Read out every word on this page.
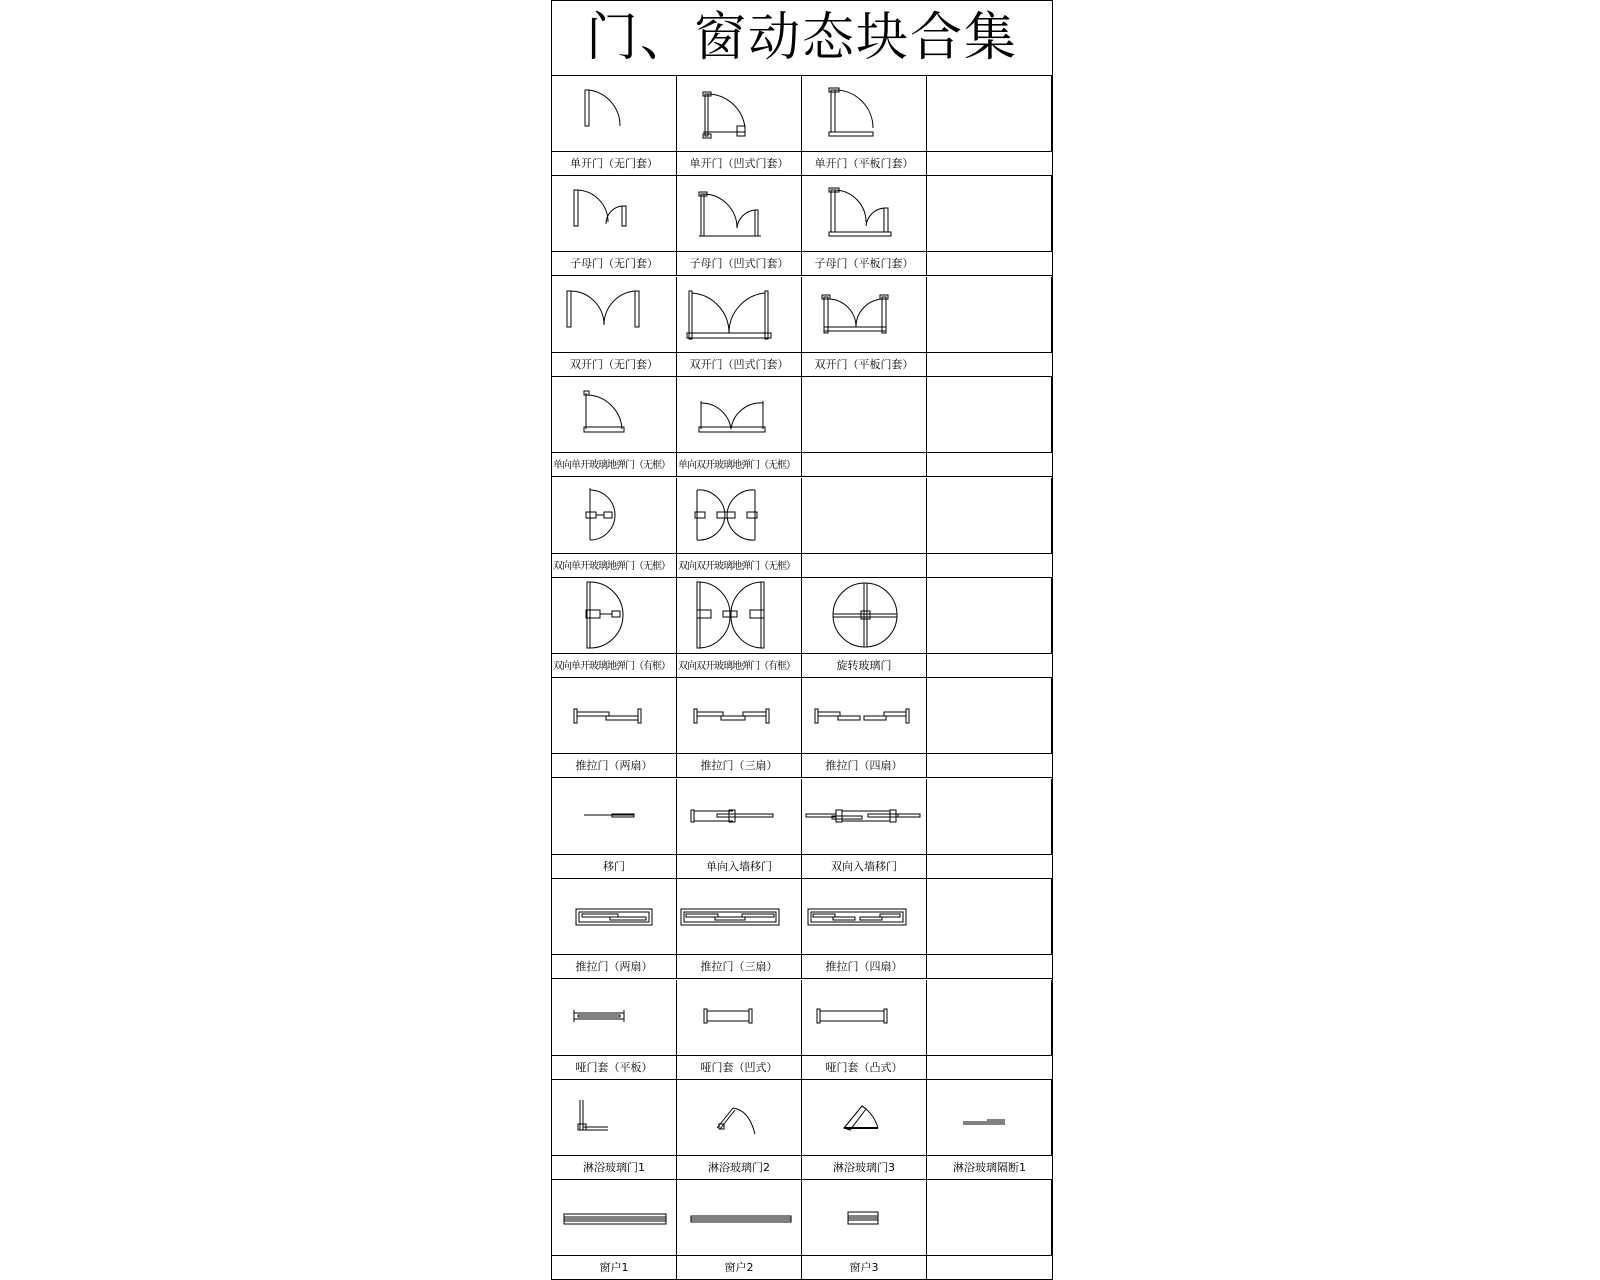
门、窗动态块合集
单开门（无门套）	单开门（凹式门套）	单开门（平板门套）
子母门（无门套）	子母门（凹式门套）	子母门（平板门套）
双开门（无门套）	双开门（凹式门套）	双开门（平板门套）
单向单开玻璃地弹门（无框） 单向双开玻璃地弹门（无框）
双向单开玻璃地弹门（无框） 双向双开玻璃地弹门（无框）
双向单开玻璃地弹门（有框） 双向双开玻璃地弹门（有框）	旋转玻璃门
推拉门（两扇）	推拉门（三扇）	推拉门（四扇）
移门	单向入墙移门	双向入墙移门
推拉门（两扇）	推拉门（三扇）	推拉门（四扇）
哑门套（平板）	哑门套（凹式）	哑门套（凸式）
淋浴玻璃门1	淋浴玻璃门2	淋浴玻璃门3	淋浴玻璃隔断1
窗户1	窗户2	窗户3
